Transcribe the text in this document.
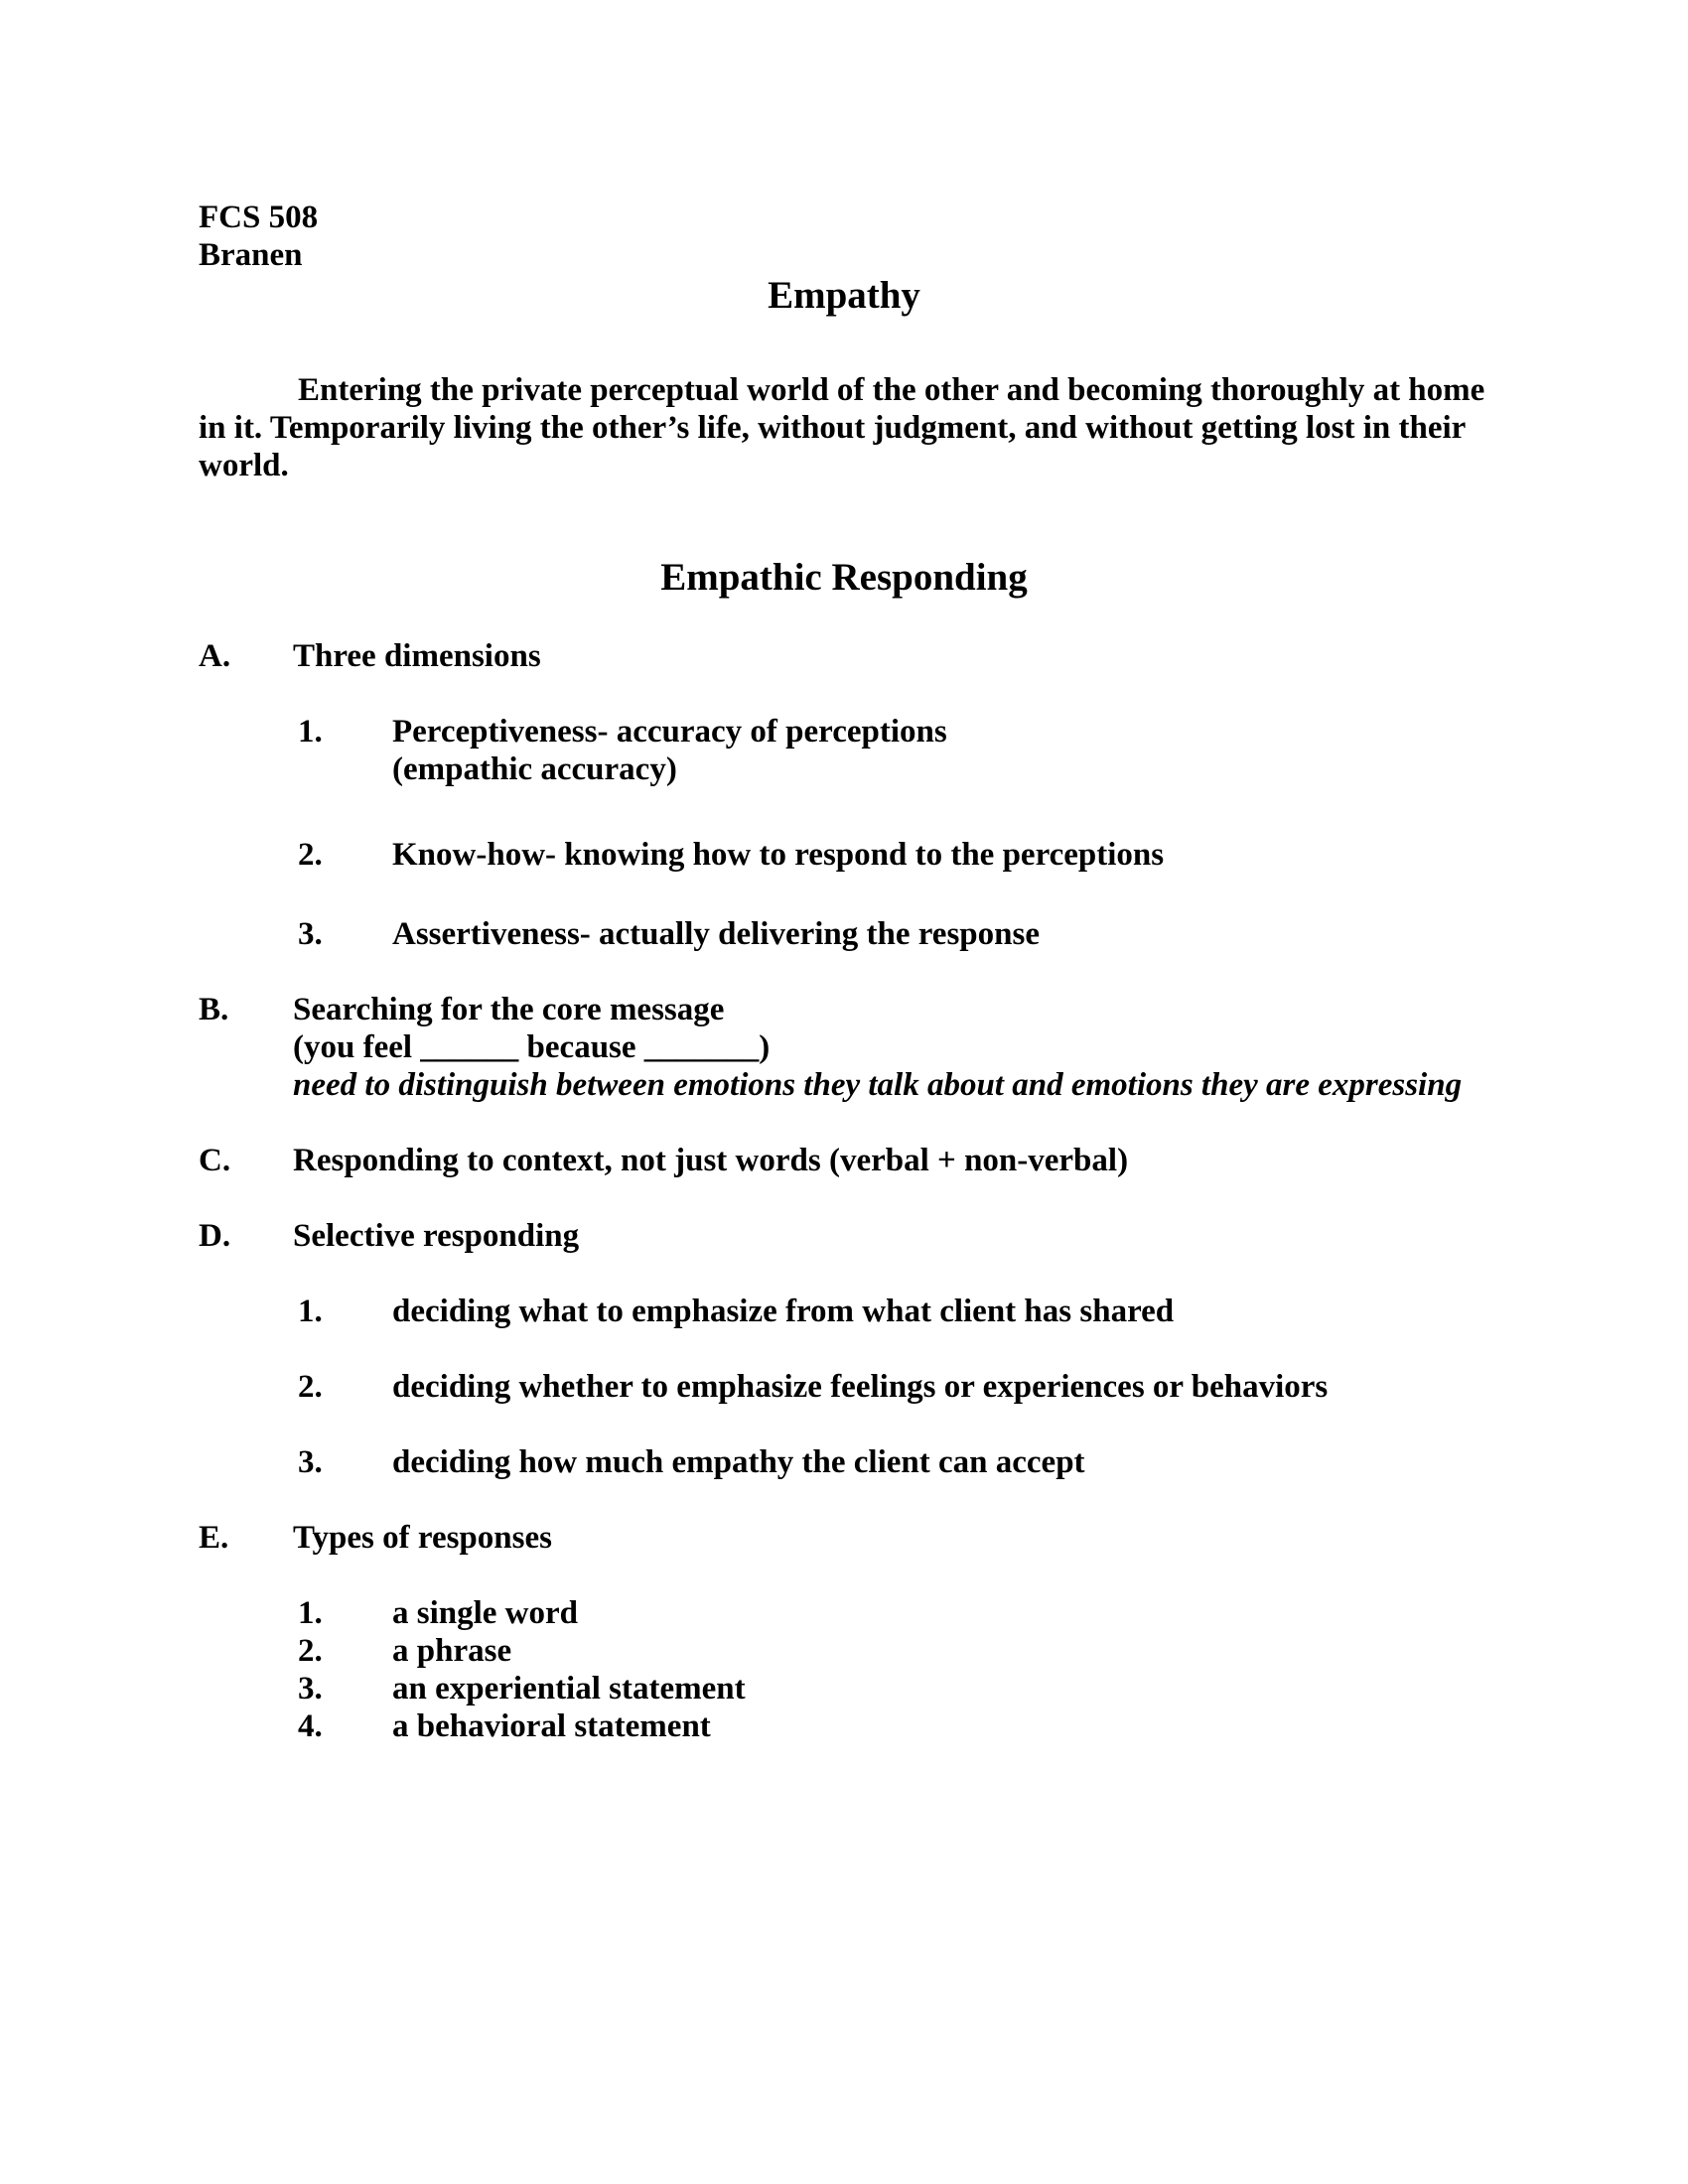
FCS 508
Branen
Empathy
Entering the private perceptual world of the other and becoming thoroughly at home in it. Temporarily living the other’s life, without judgment, and without getting lost in their world.
Empathic Responding
A.	Three dimensions
1.	Perceptiveness- accuracy of perceptions
(empathic accuracy)
2.	Know-how- knowing how to respond to the perceptions
3.	Assertiveness- actually delivering the response
B.	Searching for the core message
(you feel ______ because _______)
need to distinguish between emotions they talk about and emotions they are expressing
C.	Responding to context, not just words (verbal + non-verbal)
D.	Selective responding
1.	deciding what to emphasize from what client has shared
2.	deciding whether to emphasize feelings or experiences or behaviors
3.	deciding how much empathy the client can accept
E.	Types of responses
1.	a single word
2.	a phrase
3.	an experiential statement
4.	a behavioral statement
